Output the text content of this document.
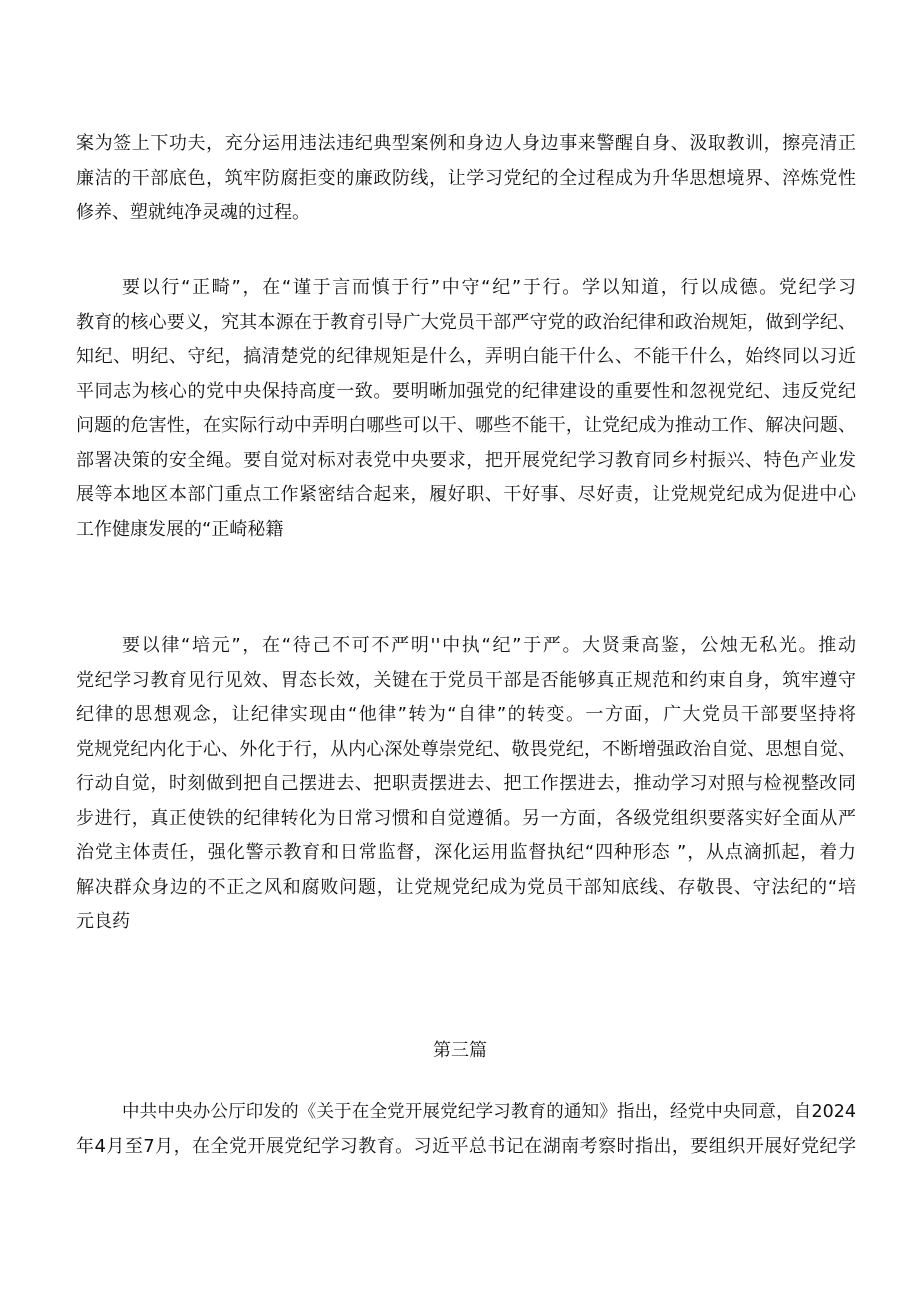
案为签上下功夫，充分运用违法违纪典型案例和身边人身边事来警醒自身、汲取教训，擦亮清正
廉洁的干部底色，筑牢防腐拒变的廉政防线，让学习党纪的全过程成为升华思想境界、淬炼党性
修养、塑就纯净灵魂的过程。
要以行“正畸”，在“谨于言而慎于行”中守“纪”于行。学以知道，行以成德。党纪学习
教育的核心要义，究其本源在于教育引导广大党员干部严守党的政治纪律和政治规矩，做到学纪、
知纪、明纪、守纪，搞清楚党的纪律规矩是什么，弄明白能干什么、不能干什么，始终同以习近
平同志为核心的党中央保持高度一致。要明晰加强党的纪律建设的重要性和忽视党纪、违反党纪
问题的危害性，在实际行动中弄明白哪些可以干、哪些不能干，让党纪成为推动工作、解决问题、
部署决策的安全绳。要自觉对标对表党中央要求，把开展党纪学习教育同乡村振兴、特色产业发
展等本地区本部门重点工作紧密结合起来，履好职、干好事、尽好责，让党规党纪成为促进中心
工作健康发展的“正崎秘籍
要以律“培元”，在“待己不可不严明''中执“纪”于严。大贤秉高鉴，公烛无私光。推动
党纪学习教育见行见效、胃态长效，关键在于党员干部是否能够真正规范和约束自身，筑牢遵守
纪律的思想观念，让纪律实现由“他律”转为“自律”的转变。一方面，广大党员干部要坚持将
党规党纪内化于心、外化于行，从内心深处尊崇党纪、敬畏党纪，不断增强政治自觉、思想自觉、
行动自觉，时刻做到把自己摆进去、把职责摆进去、把工作摆进去，推动学习对照与检视整改同
步进行，真正使铁的纪律转化为日常习惯和自觉遵循。另一方面，各级党组织要落实好全面从严
治党主体责任，强化警示教育和日常监督，深化运用监督执纪“四种形态 ”，从点滴抓起，着力
解决群众身边的不正之风和腐败问题，让党规党纪成为党员干部知底线、存敬畏、守法纪的“培
元良药
第三篇
中共中央办公厅印发的《关于在全党开展党纪学习教育的通知》指出，经党中央同意，自2024
年4月至7月，在全党开展党纪学习教育。习近平总书记在湖南考察时指出，要组织开展好党纪学
